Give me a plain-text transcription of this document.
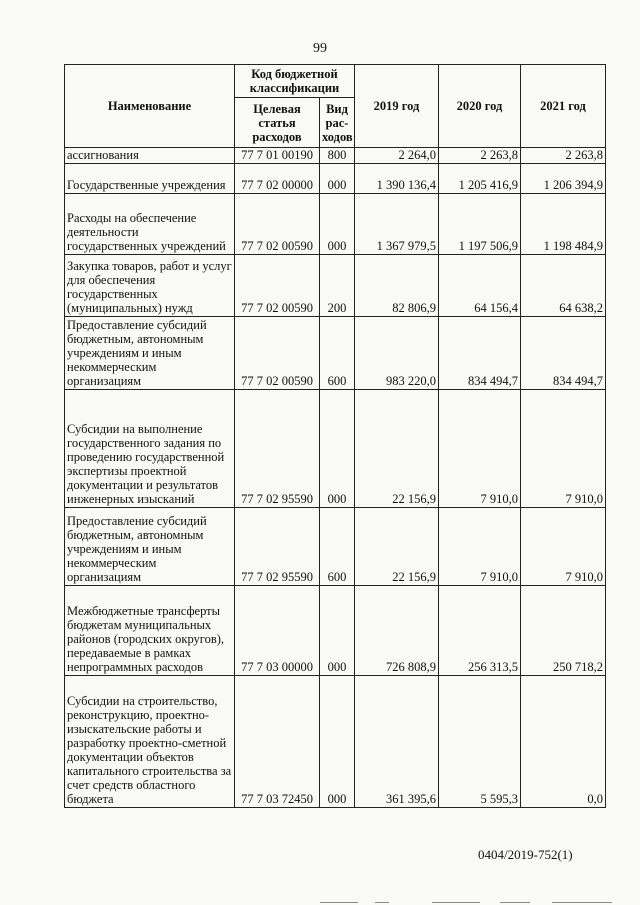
99
Наименование	Код бюджетной классификации		2019 год	2020 год	2021 год
	Целевая статья расходов	Вид рас-ходов			
ассигнования	77 7 01 00190	800	2 264,0	2 263,8	2 263,8
Государственные учреждения	77 7 02 00000	000	1 390 136,4	1 205 416,9	1 206 394,9
Расходы на обеспечение деятельности государственных учреждений	77 7 02 00590	000	1 367 979,5	1 197 506,9	1 198 484,9
Закупка товаров, работ и услуг для обеспечения государственных (муниципальных) нужд	77 7 02 00590	200	82 806,9	64 156,4	64 638,2
Предоставление субсидий бюджетным, автономным учреждениям и иным некоммерческим организациям	77 7 02 00590	600	983 220,0	834 494,7	834 494,7
Субсидии на выполнение государственного задания по проведению государственной экспертизы проектной документации и результатов инженерных изысканий	77 7 02 95590	000	22 156,9	7 910,0	7 910,0
Предоставление субсидий бюджетным, автономным учреждениям и иным некоммерческим организациям	77 7 02 95590	600	22 156,9	7 910,0	7 910,0
Межбюджетные трансферты бюджетам муниципальных районов (городских округов), передаваемые в рамках непрограммных расходов	77 7 03 00000	000	726 808,9	256 313,5	250 718,2
Субсидии на строительство, реконструкцию, проектно-изыскательские работы и разработку проектно-сметной документации объектов капитального строительства за счет средств областного бюджета	77 7 03 72450	000	361 395,6	5 595,3	0,0
0404/2019-752(1)
